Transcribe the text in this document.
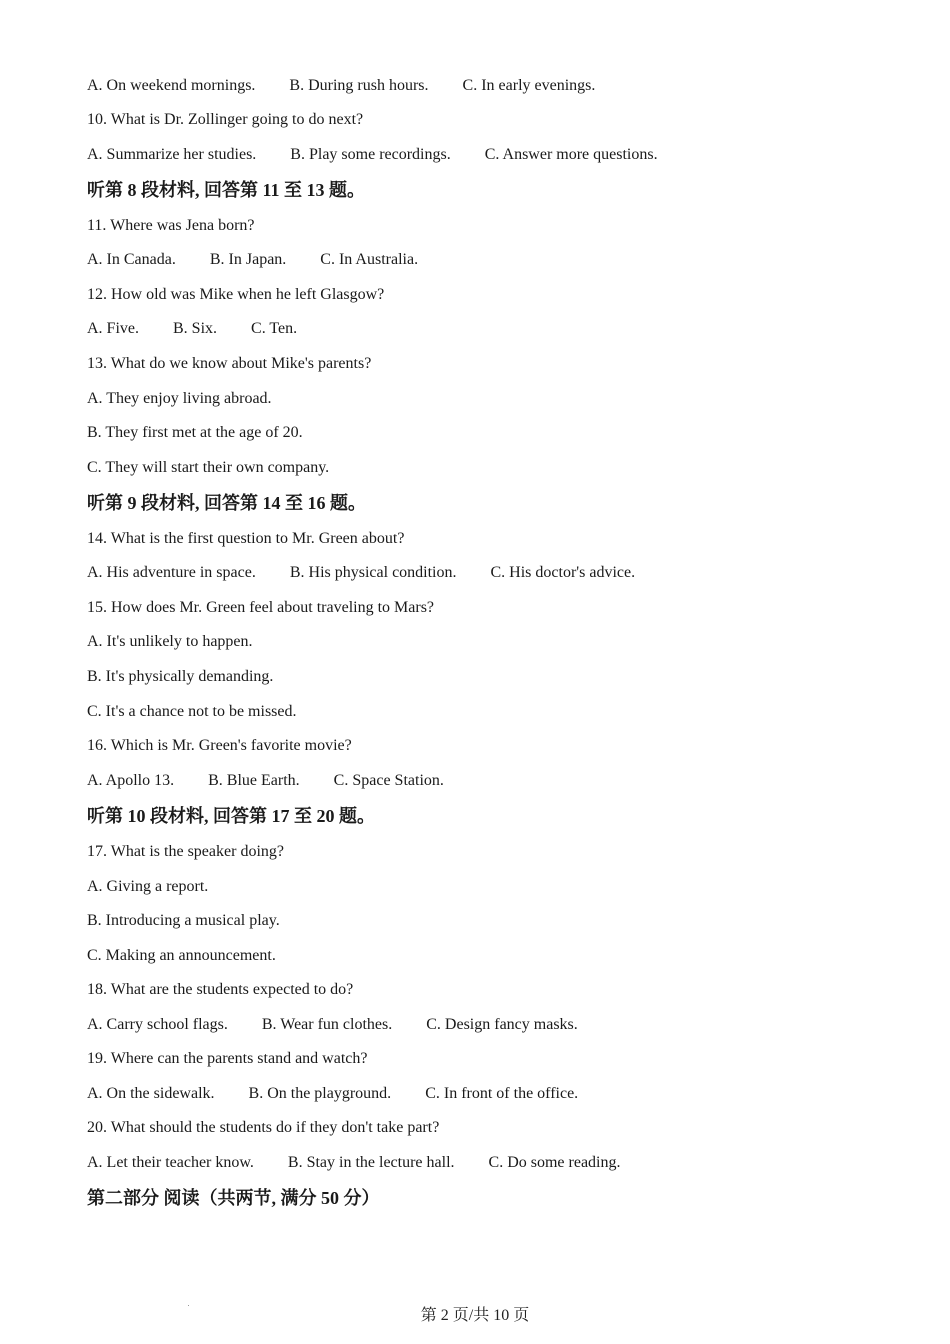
A. On weekend mornings. B. During rush hours. C. In early evenings.
10. What is Dr. Zollinger going to do next?
A. Summarize her studies. B. Play some recordings. C. Answer more questions.
听第 8 段材料, 回答第 11 至 13 题。
11. Where was Jena born?
A. In Canada. B. In Japan. C. In Australia.
12. How old was Mike when he left Glasgow?
A. Five. B. Six. C. Ten.
13. What do we know about Mike's parents?
A. They enjoy living abroad.
B. They first met at the age of 20.
C. They will start their own company.
听第 9 段材料, 回答第 14 至 16 题。
14. What is the first question to Mr. Green about?
A. His adventure in space. B. His physical condition. C. His doctor's advice.
15. How does Mr. Green feel about traveling to Mars?
A. It's unlikely to happen.
B. It's physically demanding.
C. It's a chance not to be missed.
16. Which is Mr. Green's favorite movie?
A. Apollo 13. B. Blue Earth. C. Space Station.
听第 10 段材料, 回答第 17 至 20 题。
17. What is the speaker doing?
A. Giving a report.
B. Introducing a musical play.
C. Making an announcement.
18. What are the students expected to do?
A. Carry school flags. B. Wear fun clothes. C. Design fancy masks.
19. Where can the parents stand and watch?
A. On the sidewalk. B. On the playground. C. In front of the office.
20. What should the students do if they don't take part?
A. Let their teacher know. B. Stay in the lecture hall. C. Do some reading.
第二部分 阅读（共两节, 满分 50 分）
第 2 页/共 10 页
